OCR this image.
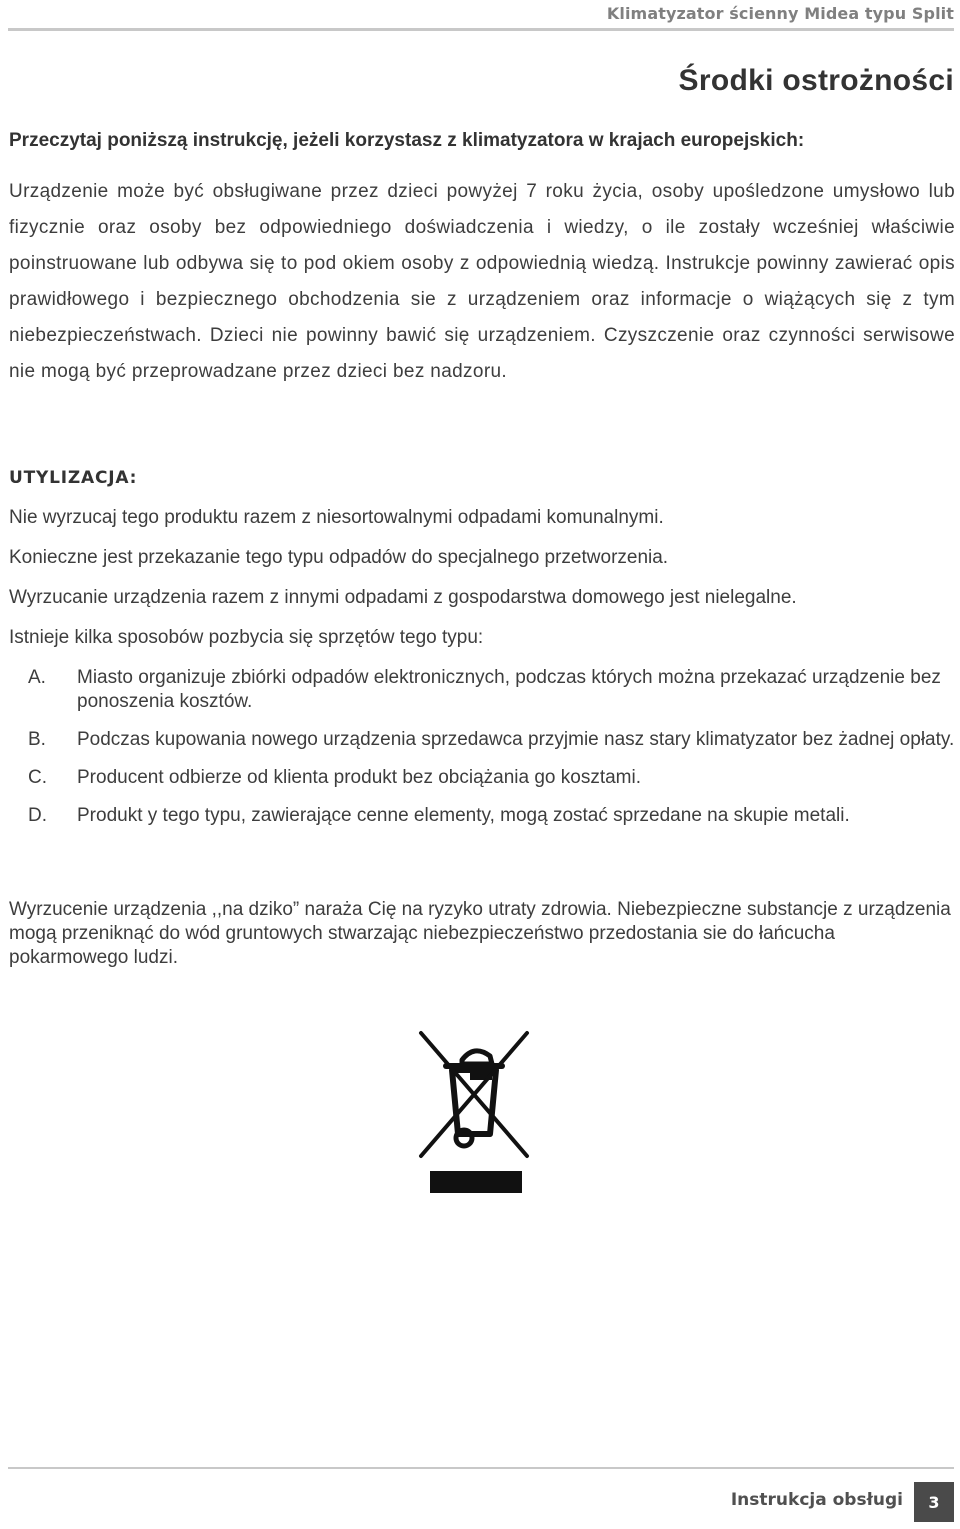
Klimatyzator ścienny Midea typu Split
Środki ostrożności
Przeczytaj poniższą instrukcję, jeżeli korzystasz z klimatyzatora w krajach europejskich:
Urządzenie może być obsługiwane przez dzieci powyżej 7 roku życia, osoby upośledzone umysłowo lub fizycznie oraz osoby bez odpowiedniego doświadczenia i wiedzy, o ile zostały wcześniej właściwie poinstruowane lub odbywa się to pod okiem osoby z odpowiednią wiedzą. Instrukcje powinny zawierać opis prawidłowego i bezpiecznego obchodzenia sie z urządzeniem oraz informacje o wiążących się z tym niebezpieczeństwach. Dzieci nie powinny bawić się urządzeniem. Czyszczenie oraz czynności serwisowe nie mogą być przeprowadzane przez dzieci bez nadzoru.
UTYLIZACJA:

Nie wyrzucaj tego produktu razem z niesortowalnymi odpadami komunalnymi.

Konieczne jest przekazanie tego typu odpadów do specjalnego przetworzenia.

Wyrzucanie urządzenia razem z innymi odpadami z gospodarstwa domowego jest nielegalne.

Istnieje kilka sposobów pozbycia się sprzętów tego typu:

A.	Miasto organizuje zbiórki odpadów elektronicznych, podczas których można przekazać urządzenie bez ponoszenia kosztów.
B.	Podczas kupowania nowego urządzenia sprzedawca przyjmie nasz stary klimatyzator bez żadnej opłaty.
C.	Producent odbierze od klienta produkt bez obciążania go kosztami.
D.	Produkt y tego typu, zawierające cenne elementy, mogą zostać sprzedane na skupie metali.
Wyrzucenie urządzenia ,,na dziko” naraża Cię na ryzyko utraty zdrowia. Niebezpieczne substancje z urządzenia mogą przeniknąć do wód gruntowych stwarzając niebezpieczeństwo przedostania sie do łańcucha pokarmowego ludzi.
Instrukcja obsługi	3
